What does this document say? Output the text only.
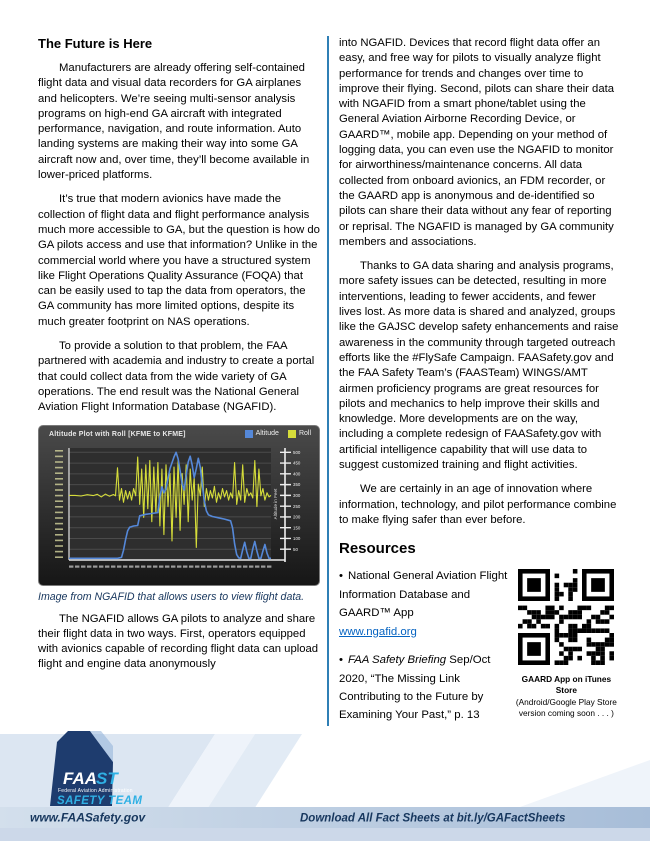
The Future is Here

Manufacturers are already offering self-contained flight data and visual data recorders for GA airplanes and helicopters. We’re seeing multi-sensor analysis programs on high-end GA aircraft with integrated performance, navigation, and route information. Auto landing systems are making their way into some GA aircraft now and, over time, they’ll become available in lower-priced platforms.

It’s true that modern avionics have made the collection of flight data and flight performance analysis much more accessible to GA, but the question is how do GA pilots access and use that information? Unlike in the commercial world where you have a structured system like Flight Operations Quality Assurance (FOQA) that can be easily used to tap the data from operators, the GA community has more limited options, despite its much greater footprint on NAS operations.

To provide a solution to that problem, the FAA partnered with academia and industry to create a portal that could collect data from the wide variety of GA operations. The end result was the National General Aviation Flight Information Database (NGAFID).

Altitude Plot with Roll [KFME to KFME]	Altitude	Roll
500
450
400
350
300
250
200
150
100
50
Altitude in Feet

Image from NGAFID that allows users to view flight data.

The NGAFID allows GA pilots to analyze and share their flight data in two ways. First, operators equipped with avionics capable of recording flight data can upload flight and engine data anonymously

into NGAFID. Devices that record flight data offer an easy, and free way for pilots to visually analyze flight performance for trends and changes over time to improve their flying. Second, pilots can share their data with NGAFID from a smart phone/tablet using the General Aviation Airborne Recording Device, or GAARD™, mobile app. Depending on your method of logging data, you can even use the NGAFID to monitor for airworthiness/maintenance concerns. All data collected from onboard avionics, an FDM recorder, or the GAARD app is anonymous and de-identified so pilots can share their data without any fear of reporting or reprisal. The NGAFID is managed by GA community members and associations.

Thanks to GA data sharing and analysis programs, more safety issues can be detected, resulting in more interventions, leading to fewer accidents, and fewer lives lost. As more data is shared and analyzed, groups like the GAJSC develop safety enhancements and raise awareness in the community through targeted outreach efforts like the #FlySafe Campaign. FAASafety.gov and the FAA Safety Team’s (FAASTeam) WINGS/AMT airmen proficiency programs are great resources for pilots and mechanics to help improve their skills and knowledge. More developments are on the way, including a complete redesign of FAASafety.gov with artificial intelligence capability that will use data to suggest customized training and flight activities.

We are certainly in an age of innovation where information, technology, and pilot performance combine to make flying safer than ever before.

Resources

• National General Aviation Flight Information Database and GAARD™ App
www.ngafid.org

• FAA Safety Briefing Sep/Oct 2020, “The Missing Link Contributing to the Future by Examining Your Past,” p. 13

GAARD App on iTunes Store
(Android/Google Play Store
version coming soon . . . )

FAA ST
Federal Aviation Administration
SAFETY TEAM
www.FAASafety.gov	Download All Fact Sheets at bit.ly/GAFactSheets
